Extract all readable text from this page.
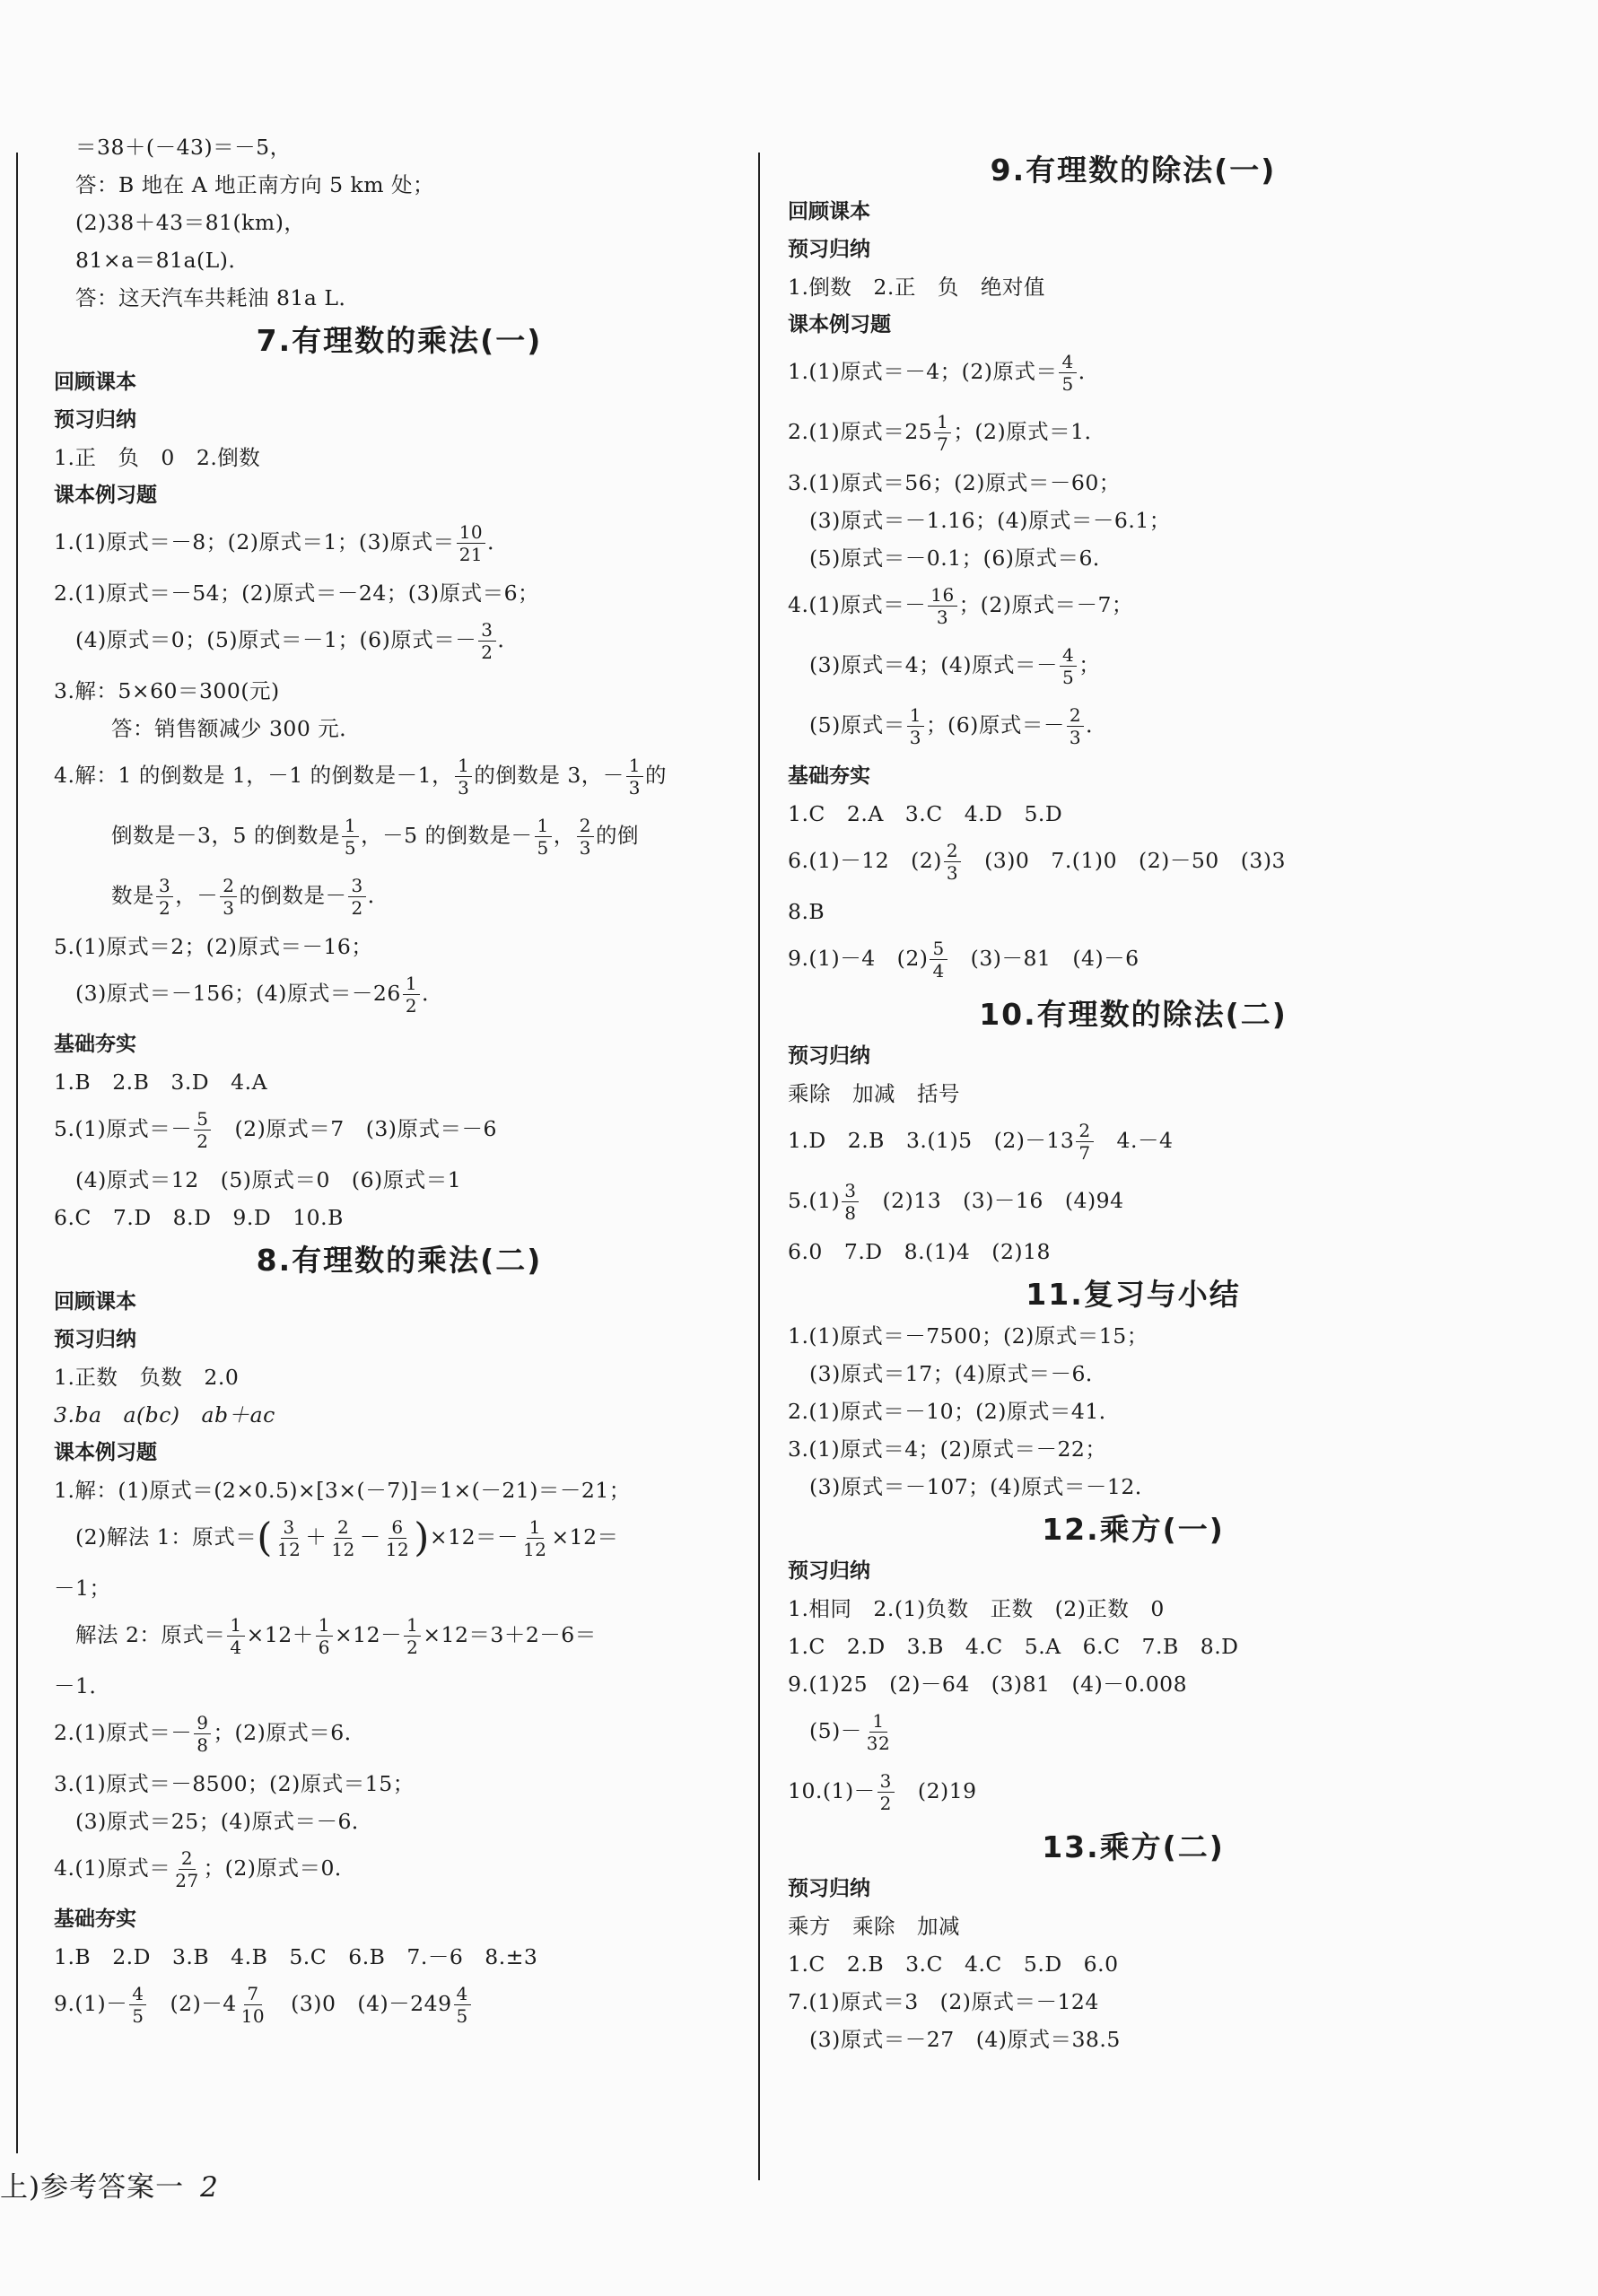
＝38＋(－43)＝－5，
答：B 地在 A 地正南方向 5 km 处；
(2)38＋43＝81(km)，
81×a＝81a(L)．
答：这天汽车共耗油 81a L．
7.有理数的乘法(一)
回顾课本
预习归纳
1.正　负　0　2.倒数
课本例习题
1.(1)原式＝－8；(2)原式＝1；(3)原式＝ $\frac{10}{21}$ ．
2.(1)原式＝－54；(2)原式＝－24；(3)原式＝6；
(4)原式＝0；(5)原式＝－1；(6)原式＝－ $\frac{3}{2}$ ．
3.解：5×60＝300(元)
答：销售额减少 300 元．
4.解：1 的倒数是 1，－1 的倒数是－1， $\frac{1}{3}$ 的倒数是 3，－ $\frac{1}{3}$ 的
倒数是－3，5 的倒数是 $\frac{1}{5}$ ，－5 的倒数是－ $\frac{1}{5}$ ， $\frac{2}{3}$ 的倒
数是 $\frac{3}{2}$ ，－ $\frac{2}{3}$ 的倒数是－ $\frac{3}{2}$ ．
5.(1)原式＝2；(2)原式＝－16；
(3)原式＝－156；(4)原式$=-26 \frac{1}{2}$ ．
基础夯实
1.B　2.B　3.D　4.A
5.(1)原式＝－ $\frac{5}{2}$ 　(2)原式＝7　(3)原式＝－6
(4)原式＝12　(5)原式＝0　(6)原式＝1
6.C　7.D　8.D　9.D　10.B
8.有理数的乘法(二)
回顾课本
预习归纳
1.正数　负数　2.0
3.ba　a(bc)　ab＋ac
课本例习题
1.解：(1)原式＝(2×0.5)×[3×(－7)]＝1×(－21)＝－21；
(2)解法 1：原式＝( $\frac{3}{12} + \frac{2}{12} - \frac{6}{12} )\times 12=- \frac{1}{12} \times 12=$
－1；
解法 2：原式＝ $\frac{1}{4} \times 12+ \frac{1}{6} \times 12- \frac{1}{2} \times 12=3+2-6=$
－1．
2.(1)原式＝－ $\frac{9}{8}$ ；(2)原式＝6．
3.(1)原式＝－8500；(2)原式＝15；
(3)原式＝25；(4)原式＝－6．
4.(1)原式＝ $\frac{2}{27}$ ；(2)原式＝0．
基础夯实
1.B　2.D　3.B　4.B　5.C　6.B　7.－6　8.±3
$9.(1)- \frac{4}{5}$ 　$(2)-4 \frac{7}{10}$ 　(3)0　$(4)-249 \frac{4}{5}$
9.有理数的除法(一)
回顾课本
预习归纳
1.倒数　2.正　负　绝对值
课本例习题
1.(1)原式＝－4；(2)原式＝ $\frac{4}{5}$ ．
2.(1)原式$=25 \frac{1}{7}$ ；(2)原式＝1．
3.(1)原式＝56；(2)原式＝－60；
(3)原式＝－1.16；(4)原式＝－6.1；
(5)原式＝－0.1；(6)原式＝6．
4.(1)原式＝－ $\frac{16}{3}$ ；(2)原式＝－7；
(3)原式＝4；(4)原式＝－ $\frac{4}{5}$ ；
(5)原式＝ $\frac{1}{3}$ ；(6)原式＝－ $\frac{2}{3}$ ．
基础夯实
1.C　2.A　3.C　4.D　5.D
6.(1)－12　$(2) \frac{2}{3}$ 　(3)0　7.(1)0　(2)－50　(3)3
8.B
9.(1)－4　$(2) \frac{5}{4}$ 　(3)－81　(4)－6
10.有理数的除法(二)
预习归纳
乘除　加减　括号
1.D　2.B　3.(1)5　$(2)-13 \frac{2}{7}$ 　4.－4
$5.(1) \frac{3}{8}$ 　(2)13　(3)－16　(4)94
6.0　7.D　8.(1)4　(2)18
11.复习与小结
1.(1)原式＝－7500；(2)原式＝15；
(3)原式＝17；(4)原式＝－6．
2.(1)原式＝－10；(2)原式＝41．
3.(1)原式＝4；(2)原式＝－22；
(3)原式＝－107；(4)原式＝－12．
12.乘方(一)
预习归纳
1.相同　2.(1)负数　正数　(2)正数　0
1.C　2.D　3.B　4.C　5.A　6.C　7.B　8.D
9.(1)25　(2)－64　(3)81　(4)－0.008
$(5)- \frac{1}{32}$
$10.(1)- \frac{3}{2}$ 　(2)19
13.乘方(二)
预习归纳
乘方　乘除　加减
1.C　2.B　3.C　4.C　5.D　6.0
7.(1)原式＝3　(2)原式＝－124
(3)原式＝－27　(4)原式＝38.5
上)参考答案一 2
